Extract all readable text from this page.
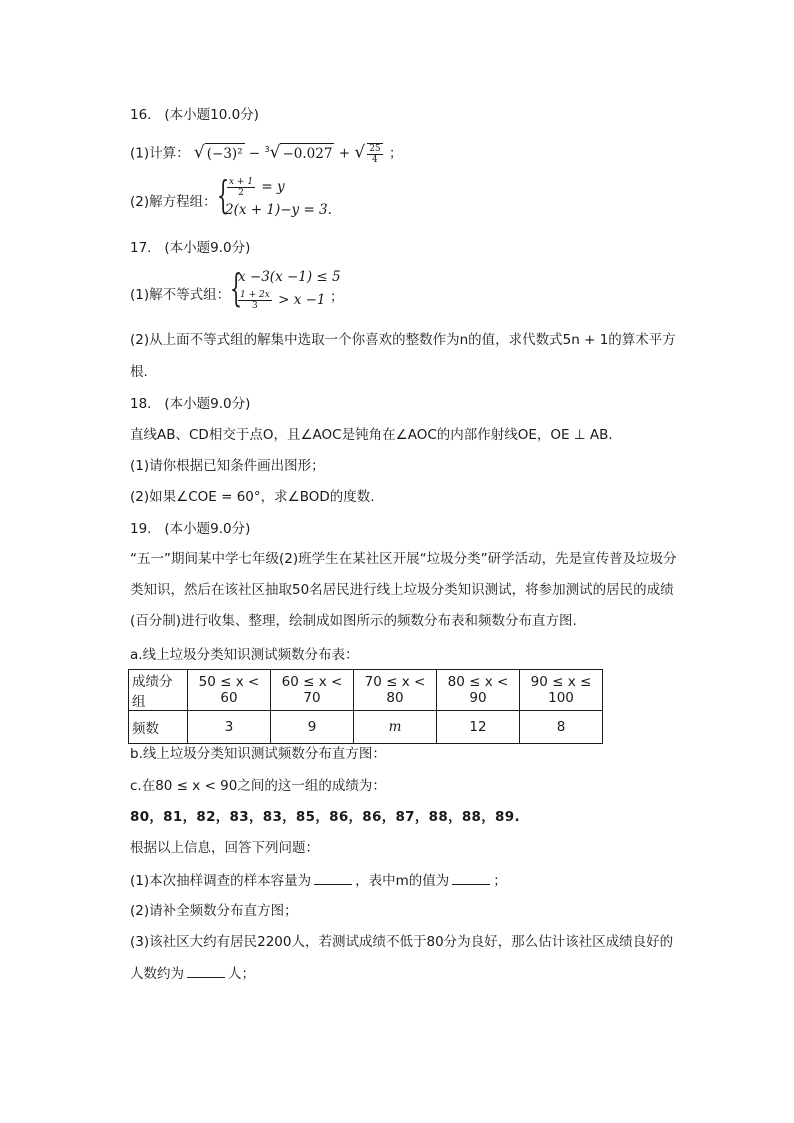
16. (本小题10.0分)
(1)计算： √ (−3)² − $^3$√ −0.027 + √ $\frac{25}{4}$ ；
(2)解方程组： {
$\frac{x + 1}{2} = y$
2(x + 1)−y = 3.
17. (本小题9.0分)
(1)解不等式组： {
x −3(x −1) ≤ 5
$\frac{1 + 2x}{3} > x -1$ ；
(2)从上面不等式组的解集中选取一个你喜欢的整数作为n的值，求代数式5n + 1的算术平方
根.
18. (本小题9.0分)
直线AB、CD相交于点O，且∠AOC是钝角在∠AOC的内部作射线OE，OE ⊥ AB.
(1)请你根据已知条件画出图形；
(2)如果∠COE = 60°，求∠BOD的度数.
19. (本小题9.0分)
“五一”期间某中学七年级(2)班学生在某社区开展“垃圾分类”研学活动，先是宣传普及垃圾分类知识，然后在该社区抽取50名居民进行线上垃圾分类知识测试，将参加测试的居民的成绩(百分制)进行收集、整理，绘制成如图所示的频数分布表和频数分布直方图.
a.线上垃圾分类知识测试频数分布表：
成绩分组	50 ≤ x < 60	60 ≤ x < 70	70 ≤ x < 80	80 ≤ x < 90	90 ≤ x ≤ 100
频数	3	9	m	12	8
b.线上垃圾分类知识测试频数分布直方图：
c.在80 ≤ x < 90之间的这一组的成绩为：
80，81，82，83，83，85，86，86，87，88，88，89.
根据以上信息，回答下列问题：
(1)本次抽样调查的样本容量为	，表中m的值为	；
(2)请补全频数分布直方图；
(3)该社区大约有居民2200人，若测试成绩不低于80分为良好，那么估计该社区成绩良好的
人数约为	人；
